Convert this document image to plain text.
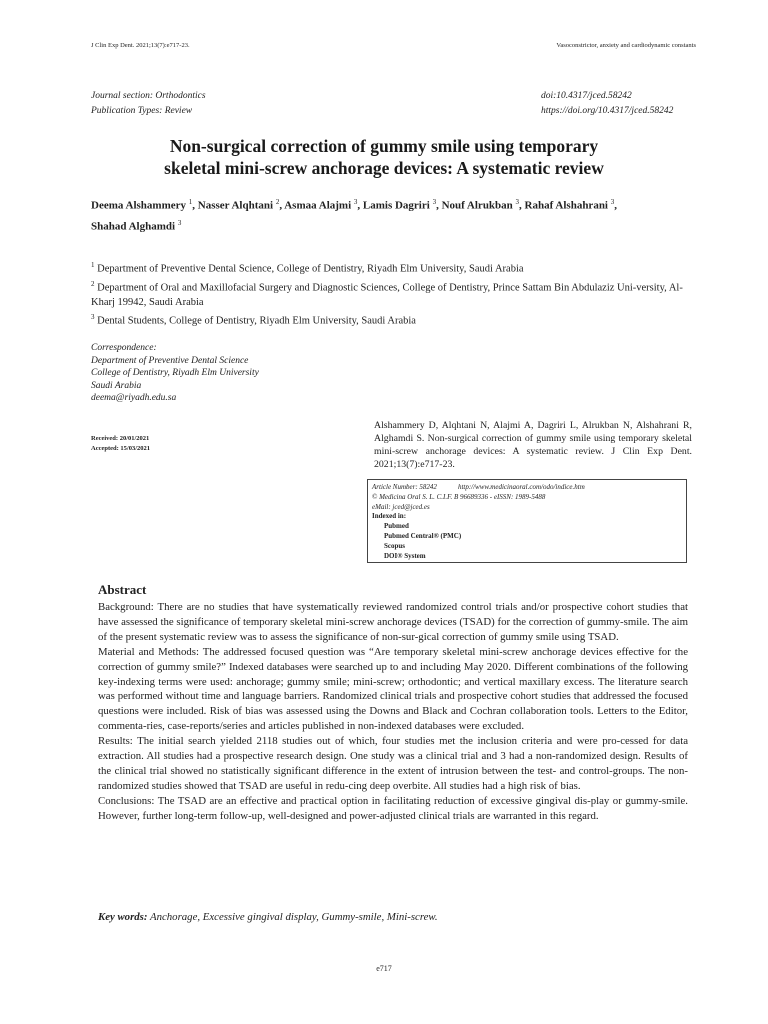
J Clin Exp Dent. 2021;13(7):e717-23.	Vasoconstrictor, anxiety and cardiodynamic constants
Journal section: Orthodontics
Publication Types: Review
doi:10.4317/jced.58242
https://doi.org/10.4317/jced.58242
Non-surgical correction of gummy smile using temporary
skeletal mini-screw anchorage devices: A systematic review
Deema Alshammery $^1$, Nasser Alqhtani $^2$, Asmaa Alajmi $^3$, Lamis Dagriri $^3$, Nouf Alrukban $^3$, Rahaf Alshahrani $^3$,
Shahad Alghamdi $^3$
$^1$ Department of Preventive Dental Science, College of Dentistry, Riyadh Elm University, Saudi Arabia
$^2$ Department of Oral and Maxillofacial Surgery and Diagnostic Sciences, College of Dentistry, Prince Sattam Bin Abdulaziz Uni-versity, Al-Kharj 19942, Saudi Arabia
$^3$ Dental Students, College of Dentistry, Riyadh Elm University, Saudi Arabia
Correspondence:
Department of Preventive Dental Science
College of Dentistry, Riyadh Elm University
Saudi Arabia
deema@riyadh.edu.sa
Received: 20/01/2021
Accepted: 15/03/2021
Alshammery D, Alqhtani N, Alajmi A, Dagriri L, Alrukban N, Alshahrani R, Alghamdi S. Non-surgical correction of gummy smile using temporary skeletal mini-screw anchorage devices: A systematic review. J Clin Exp Dent. 2021;13(7):e717-23.
Article Number: 58242	http://www.medicinaoral.com/odo/indice.htm
© Medicina Oral S. L. C.I.F. B 96689336 - eISSN: 1989-5488
eMail: jced@jced.es
Indexed in:
Pubmed
Pubmed Central® (PMC)
Scopus
DOI® System
Abstract

Background: There are no studies that have systematically reviewed randomized control trials and/or prospective cohort studies that have assessed the significance of temporary skeletal mini-screw anchorage devices (TSAD) for the correction of gummy-smile. The aim of the present systematic review was to assess the significance of non-sur-gical correction of gummy smile using TSAD.

Material and Methods: The addressed focused question was “Are temporary skeletal mini-screw anchorage devices effective for the correction of gummy smile?” Indexed databases were searched up to and including May 2020. Different combinations of the following key-indexing terms were used: anchorage; gummy smile; mini-screw; orthodontic; and vertical maxillary excess. The literature search was performed without time and language barriers. Randomized clinical trials and prospective cohort studies that addressed the focused questions were included. Risk of bias was assessed using the Downs and Black and Cochran collaboration tools. Letters to the Editor, commenta-ries, case-reports/series and articles published in non-indexed databases were excluded.

Results: The initial search yielded 2118 studies out of which, four studies met the inclusion criteria and were pro-cessed for data extraction. All studies had a prospective research design. One study was a clinical trial and 3 had a non-randomized design. Results of the clinical trial showed no statistically significant difference in the extent of intrusion between the test- and control-groups. The non-randomized studies showed that TSAD are useful in redu-cing deep overbite. All studies had a high risk of bias.

Conclusions: The TSAD are an effective and practical option in facilitating reduction of excessive gingival dis-play or gummy-smile. However, further long-term follow-up, well-designed and power-adjusted clinical trials are warranted in this regard.

Key words: Anchorage, Excessive gingival display, Gummy-smile, Mini-screw.
e717
